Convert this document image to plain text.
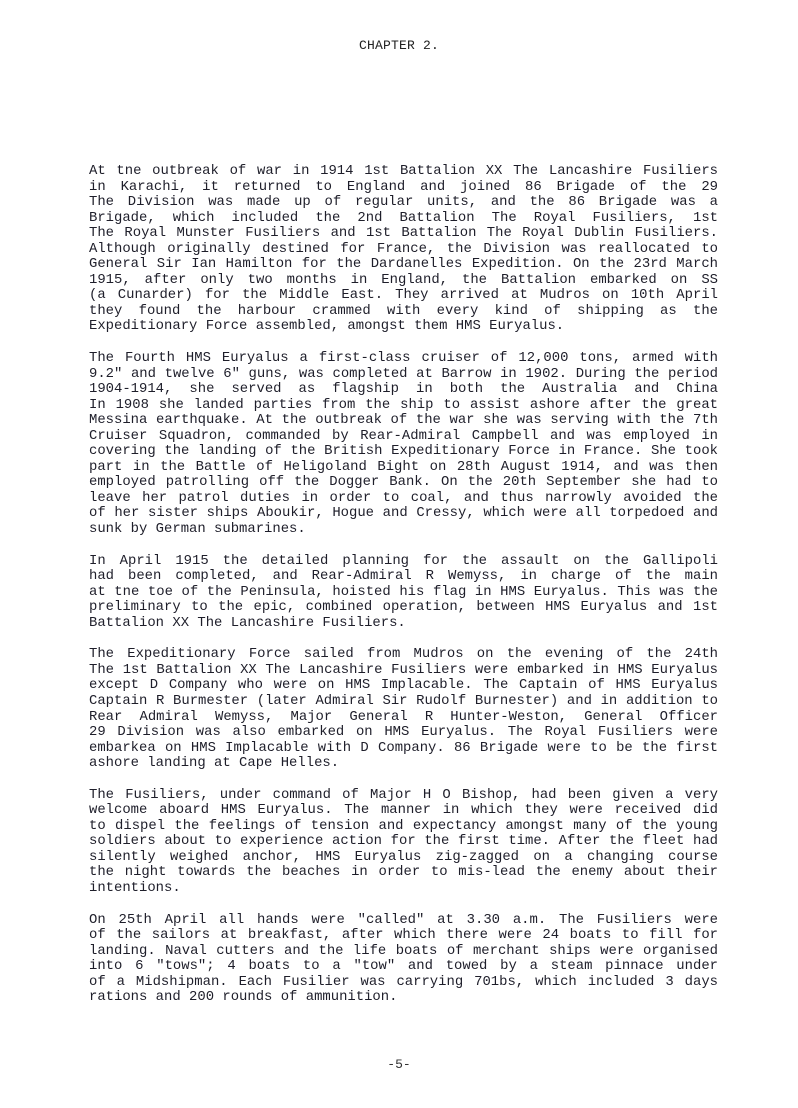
CHAPTER 2.
At tne outbreak of war in 1914 1st Battalion XX The Lancashire Fusiliers
in Karachi, it returned to England and joined 86 Brigade of the 29
The Division was made up of regular units, and the 86 Brigade was a
Brigade, which included the 2nd Battalion The Royal Fusiliers, 1st
The Royal Munster Fusiliers and 1st Battalion The Royal Dublin Fusiliers.
Although originally destined for France, the Division was reallocated to
General Sir Ian Hamilton for the Dardanelles Expedition. On the 23rd March
1915, after only two months in England, the Battalion embarked on SS
(a Cunarder) for the Middle East. They arrived at Mudros on 10th April
they found the harbour crammed with every kind of shipping as the
Expeditionary Force assembled, amongst them HMS Euryalus.
The Fourth HMS Euryalus a first-class cruiser of 12,000 tons, armed with
9.2" and twelve 6" guns, was completed at Barrow in 1902. During the period
1904-1914, she served as flagship in both the Australia and China
In 1908 she landed parties from the ship to assist ashore after the great
Messina earthquake. At the outbreak of the war she was serving with the 7th
Cruiser Squadron, commanded by Rear-Admiral Campbell and was employed in
covering the landing of the British Expeditionary Force in France. She took
part in the Battle of Heligoland Bight on 28th August 1914, and was then
employed patrolling off the Dogger Bank. On the 20th September she had to
leave her patrol duties in order to coal, and thus narrowly avoided the
of her sister ships Aboukir, Hogue and Cressy, which were all torpedoed and
sunk by German submarines.
In April 1915 the detailed planning for the assault on the Gallipoli
had been completed, and Rear-Admiral R Wemyss, in charge of the main
at tne toe of the Peninsula, hoisted his flag in HMS Euryalus. This was the
preliminary to the epic, combined operation, between HMS Euryalus and 1st
Battalion XX The Lancashire Fusiliers.
The Expeditionary Force sailed from Mudros on the evening of the 24th
The 1st Battalion XX The Lancashire Fusiliers were embarked in HMS Euryalus
except D Company who were on HMS Implacable. The Captain of HMS Euryalus
Captain R Burmester (later Admiral Sir Rudolf Burnester) and in addition to
Rear Admiral Wemyss, Major General R Hunter-Weston, General Officer
29 Division was also embarked on HMS Euryalus. The Royal Fusiliers were
embarkea on HMS Implacable with D Company. 86 Brigade were to be the first
ashore landing at Cape Helles.
The Fusiliers, under command of Major H O Bishop, had been given a very
welcome aboard HMS Euryalus. The manner in which they were received did
to dispel the feelings of tension and expectancy amongst many of the young
soldiers about to experience action for the first time. After the fleet had
silently weighed anchor, HMS Euryalus zig-zagged on a changing course
the night towards the beaches in order to mis-lead the enemy about their
intentions.
On 25th April all hands were "called" at 3.30 a.m. The Fusiliers were
of the sailors at breakfast, after which there were 24 boats to fill for
landing. Naval cutters and the life boats of merchant ships were organised
into 6 "tows"; 4 boats to a "tow" and towed by a steam pinnace under
of a Midshipman. Each Fusilier was carrying 701bs, which included 3 days
rations and 200 rounds of ammunition.
-5-
